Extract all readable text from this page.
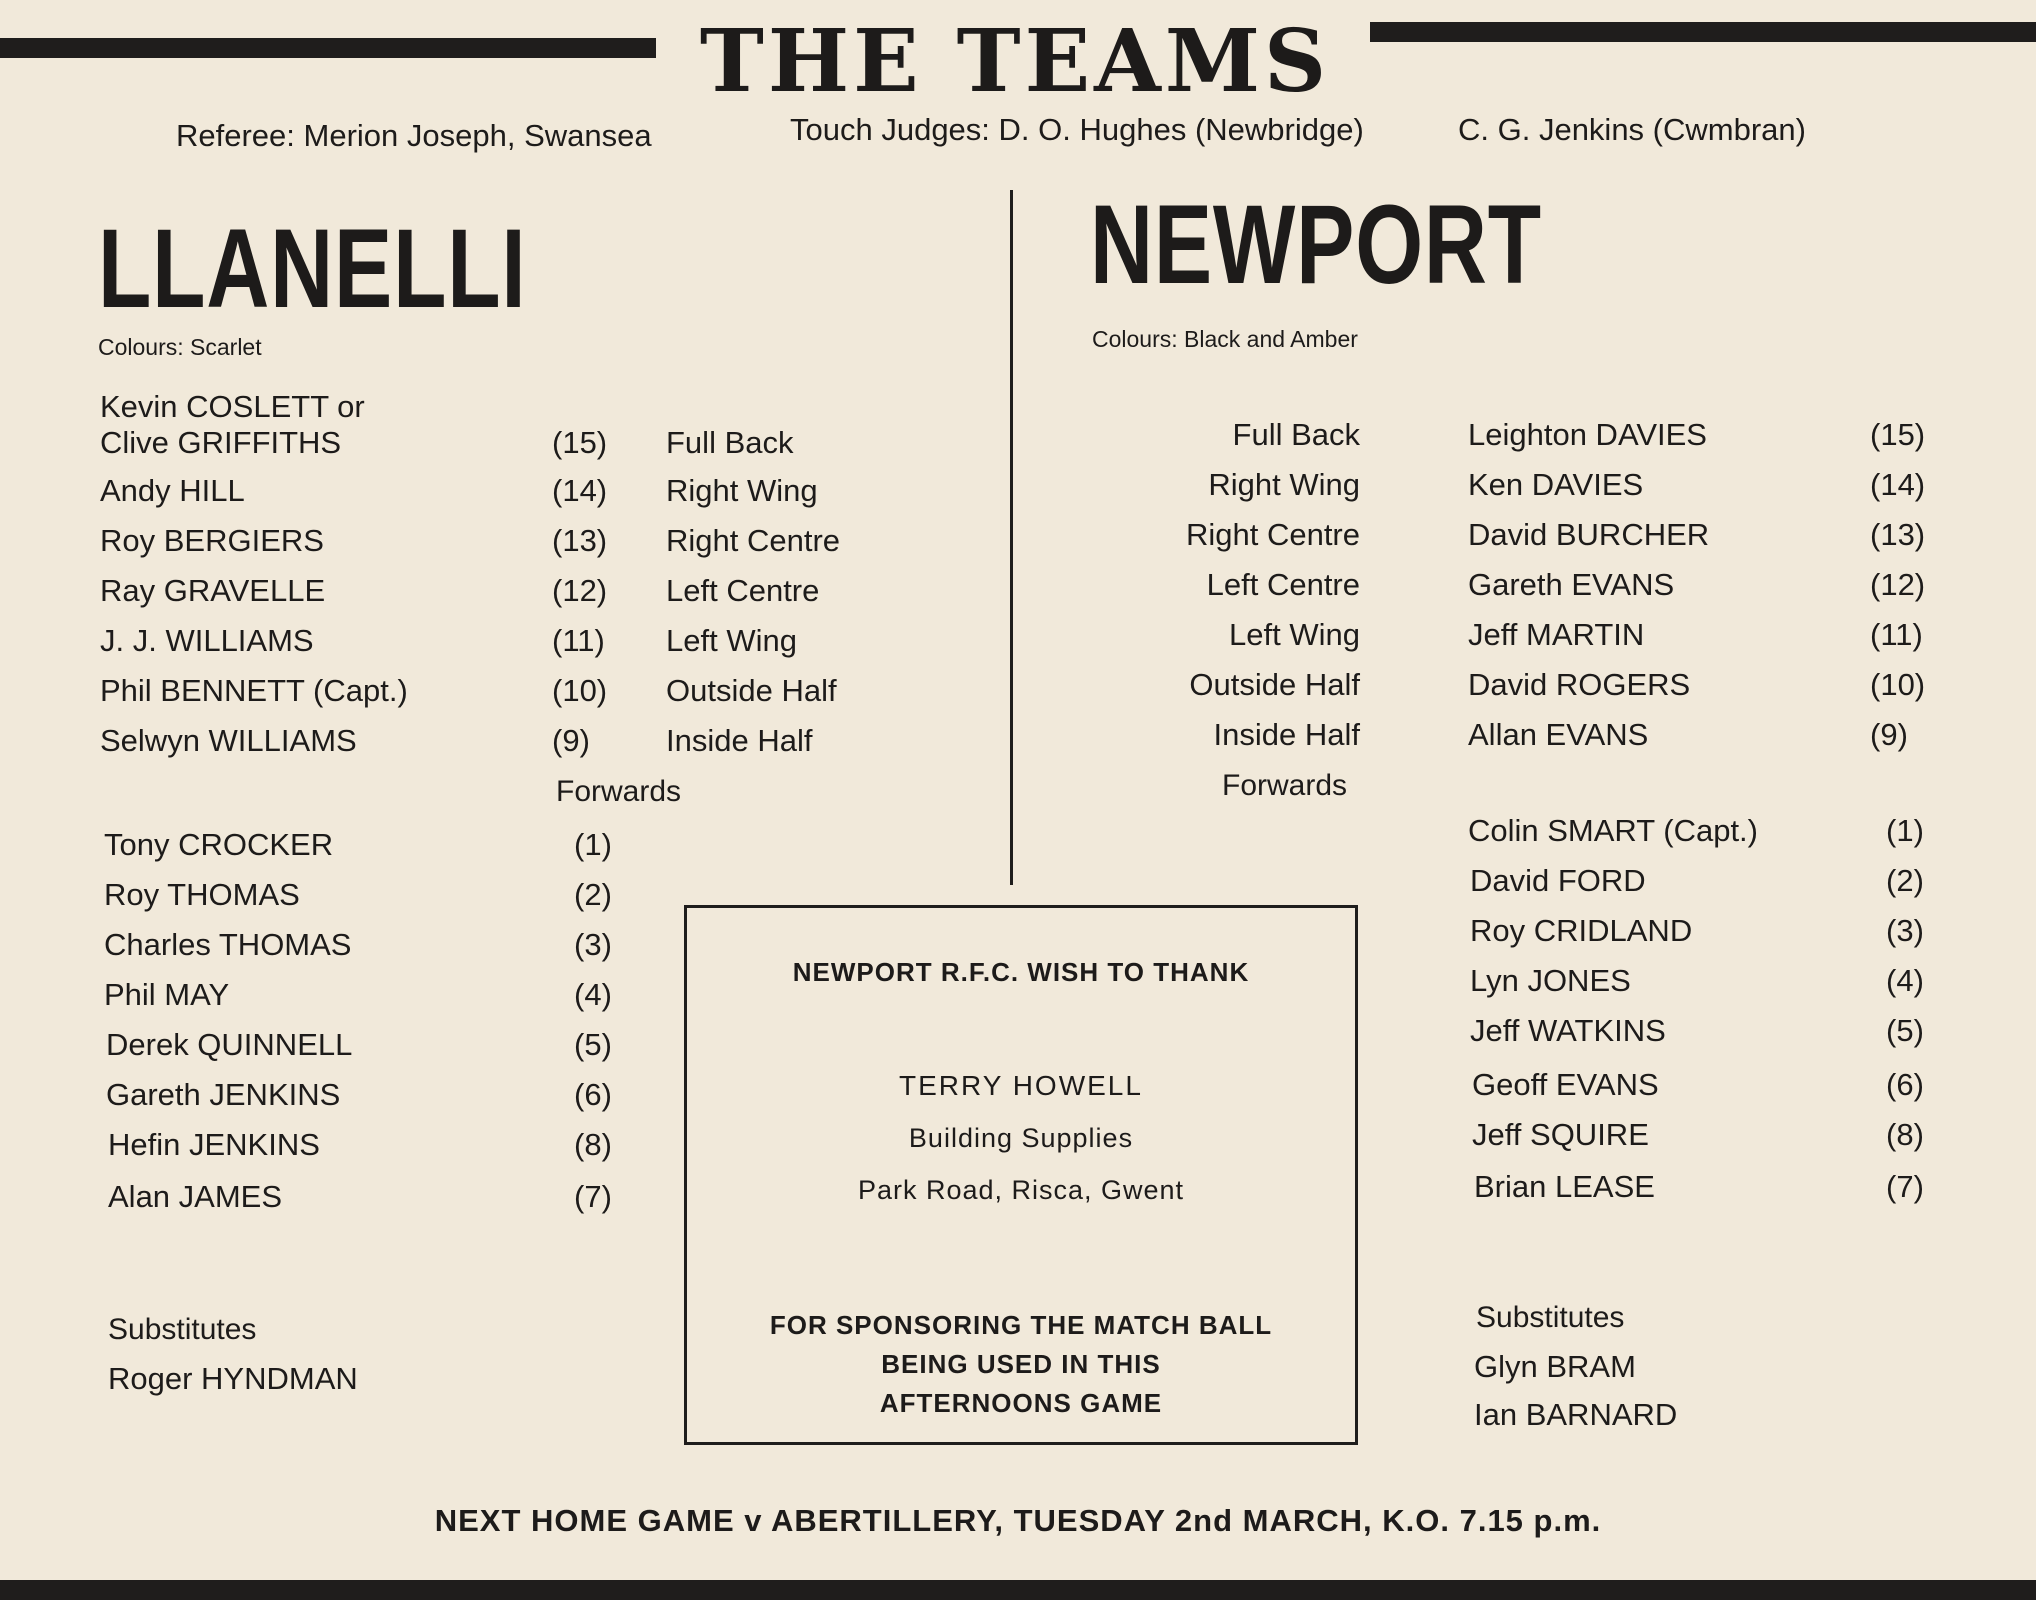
THE TEAMS
Referee: Merion Joseph, Swansea	Touch Judges: D. O. Hughes (Newbridge)	C. G. Jenkins (Cwmbran)
LLANELLI
Colours: Scarlet
Kevin COSLETT or
Clive GRIFFITHS	(15) Full Back
Andy HILL	(14) Right Wing
Roy BERGIERS	(13) Right Centre
Ray GRAVELLE	(12) Left Centre
J. J. WILLIAMS	(11) Left Wing
Phil BENNETT (Capt.)	(10) Outside Half
Selwyn WILLIAMS	(9) Inside Half
Forwards
Tony CROCKER	(1)
Roy THOMAS	(2)
Charles THOMAS	(3)
Phil MAY	(4)
Derek QUINNELL	(5)
Gareth JENKINS	(6)
Hefin JENKINS	(8)
Alan JAMES	(7)
Substitutes
Roger HYNDMAN
NEWPORT
Colours: Black and Amber
Full Back	Leighton DAVIES	(15)
Right Wing	Ken DAVIES	(14)
Right Centre	David BURCHER	(13)
Left Centre	Gareth EVANS	(12)
Left Wing	Jeff MARTIN	(11)
Outside Half	David ROGERS	(10)
Inside Half	Allan EVANS	(9)
Forwards
Colin SMART (Capt.)	(1)
David FORD	(2)
Roy CRIDLAND	(3)
Lyn JONES	(4)
Jeff WATKINS	(5)
Geoff EVANS	(6)
Jeff SQUIRE	(8)
Brian LEASE	(7)
Substitutes
Glyn BRAM
Ian BARNARD
NEWPORT R.F.C. WISH TO THANK
TERRY HOWELL
Building Supplies
Park Road, Risca, Gwent
FOR SPONSORING THE MATCH BALL
BEING USED IN THIS
AFTERNOONS GAME
NEXT HOME GAME v ABERTILLERY, TUESDAY 2nd MARCH, K.O. 7.15 p.m.
